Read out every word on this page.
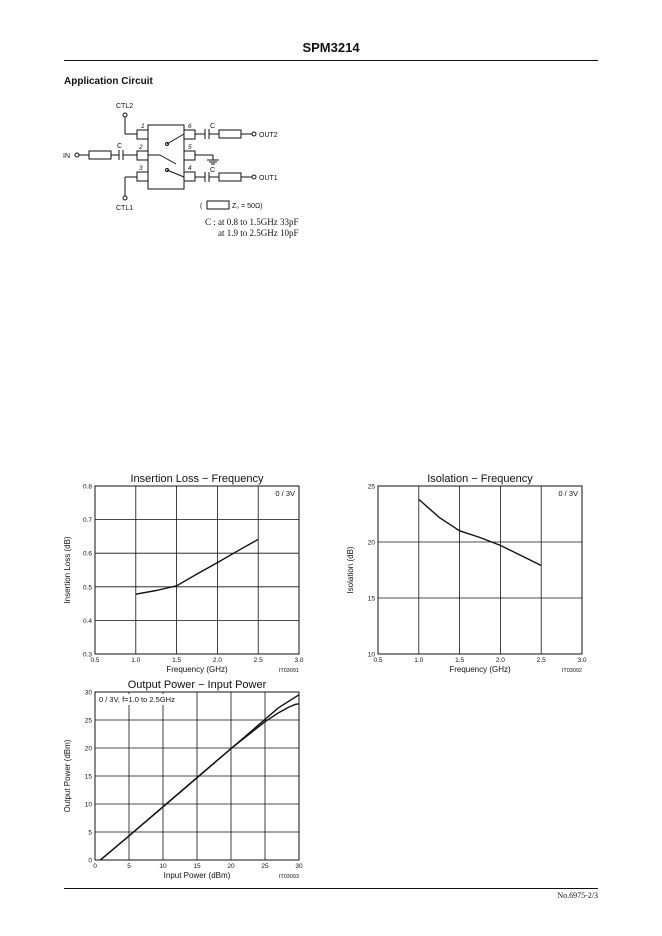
SPM3214
Application Circuit
CTL2
CTL1
IN
OUT2
OUT1
C
C
C
1
2
3
6
5
4
(	Z₀ = 50Ω)
C : at 0.8 to 1.5GHz 33pF
at 1.9 to 2.5GHz 10pF
Insertion Loss − Frequency
0.5	1.0	1.5	2.0	2.5	3.0
0.3
0.4
0.5
0.6
0.7
0.8
0 / 3V
Frequency (GHz)
Insertion Loss (dB)
IT03091
Isolation − Frequency
0.5	1.0	1.5	2.0	2.5	3.0
10
15
20
25
0 / 3V
Frequency (GHz)
Isolation (dB)
IT03092
Output Power − Input Power
0	5	10	15	20	25	30
0
5
10
15
20
25
30
0 / 3V, f=1.0 to 2.5GHz
Input Power (dBm)
Output Power (dBm)
IT03093
No.6975-2/3
